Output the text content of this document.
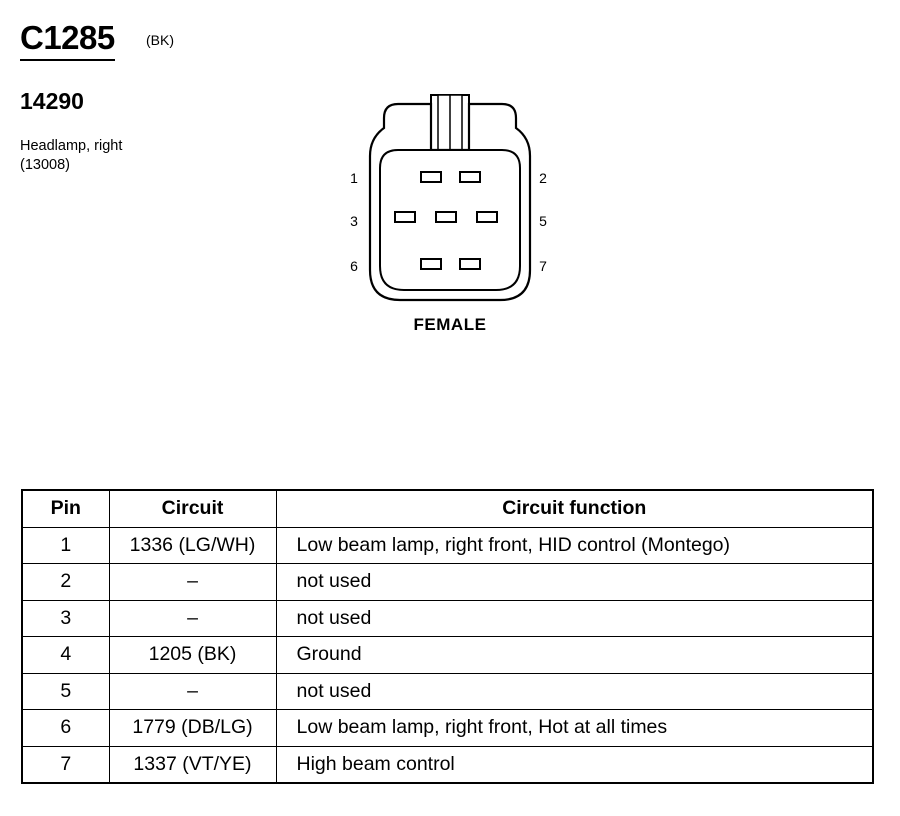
C1285 (BK)
14290
Headlamp, right
(13008)
1	2
3	5
6	7
FEMALE
Pin	Circuit	Circuit function
1	1336 (LG/WH)	Low beam lamp, right front, HID control (Montego)
2	–	not used
3	–	not used
4	1205 (BK)	Ground
5	–	not used
6	1779 (DB/LG)	Low beam lamp, right front, Hot at all times
7	1337 (VT/YE)	High beam control
